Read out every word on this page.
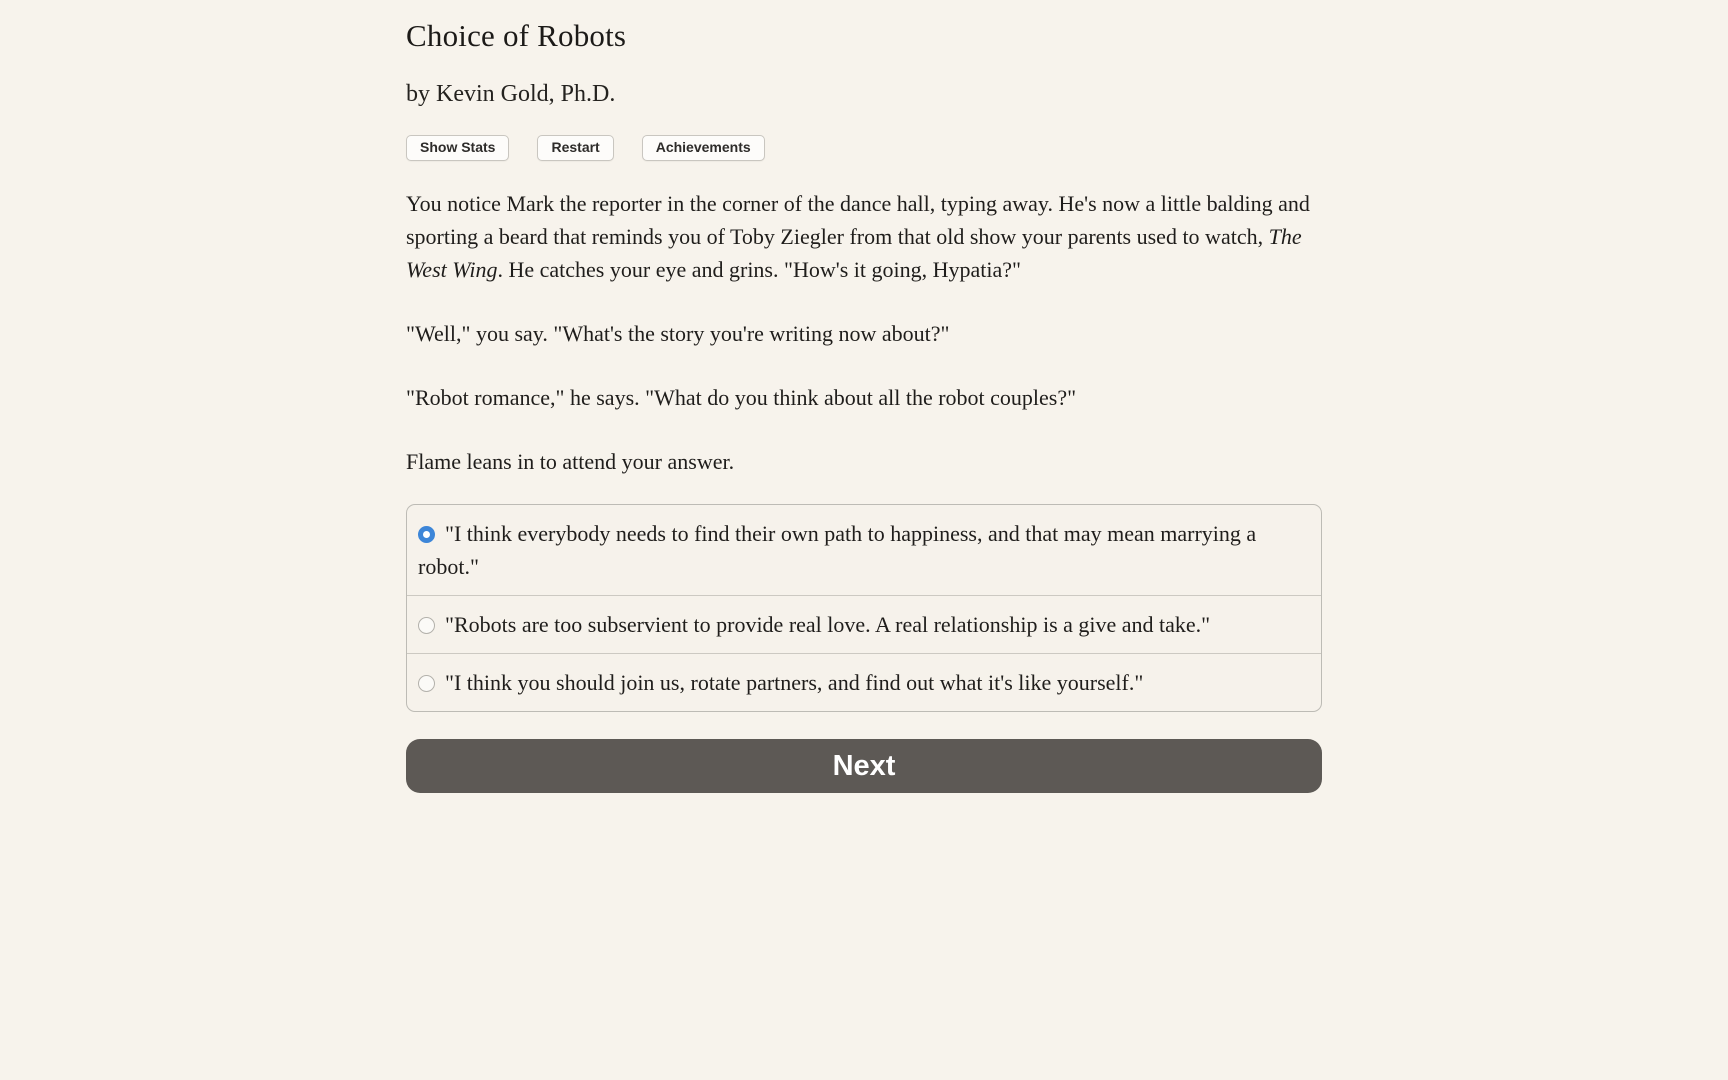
Choice of Robots
by Kevin Gold, Ph.D.
Show Stats	Restart	Achievements

You notice Mark the reporter in the corner of the dance hall, typing away. He's now a little balding and sporting a beard that reminds you of Toby Ziegler from that old show your parents used to watch, The West Wing. He catches your eye and grins. "How's it going, Hypatia?"

"Well," you say. "What's the story you're writing now about?"

"Robot romance," he says. "What do you think about all the robot couples?"

Flame leans in to attend your answer.

"I think everybody needs to find their own path to happiness, and that may mean marrying a robot."
"Robots are too subservient to provide real love. A real relationship is a give and take."
"I think you should join us, rotate partners, and find out what it's like yourself."
Next
